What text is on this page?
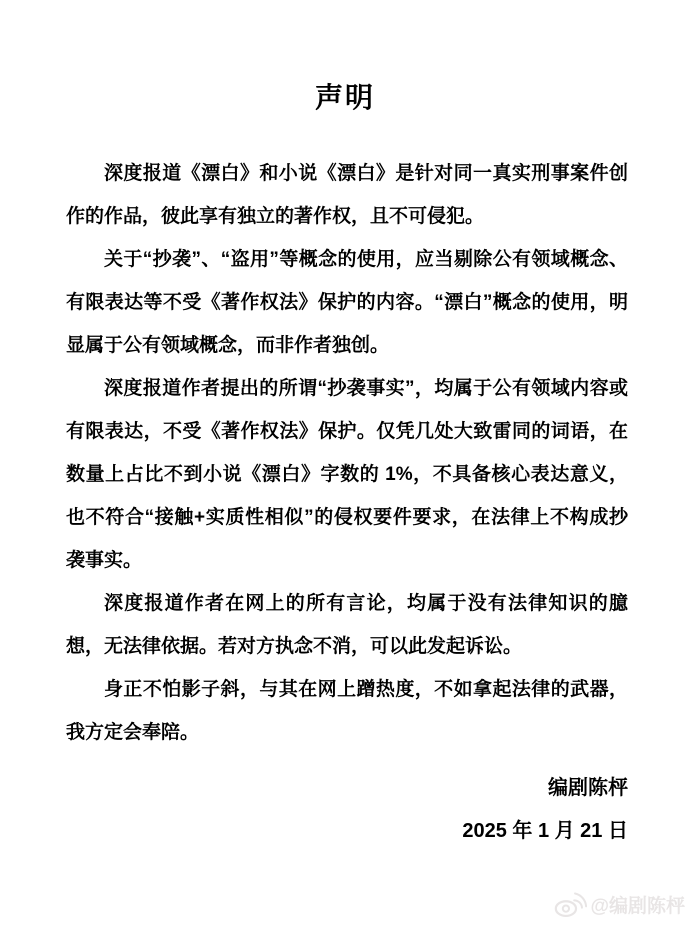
声明

深度报道《漂白》和小说《漂白》是针对同一真实刑事案件创作的作品，彼此享有独立的著作权，且不可侵犯。

关于“抄袭”、“盗用”等概念的使用，应当剔除公有领域概念、有限表达等不受《著作权法》保护的内容。“漂白”概念的使用，明显属于公有领域概念，而非作者独创。

深度报道作者提出的所谓“抄袭事实”，均属于公有领域内容或有限表达，不受《著作权法》保护。仅凭几处大致雷同的词语，在数量上占比不到小说《漂白》字数的 1%，不具备核心表达意义，也不符合“接触+实质性相似”的侵权要件要求，在法律上不构成抄袭事实。

深度报道作者在网上的所有言论，均属于没有法律知识的臆想，无法律依据。若对方执念不消，可以此发起诉讼。

身正不怕影子斜，与其在网上蹭热度，不如拿起法律的武器，我方定会奉陪。

编剧陈枰
2025 年 1 月 21 日
@编剧陈枰
